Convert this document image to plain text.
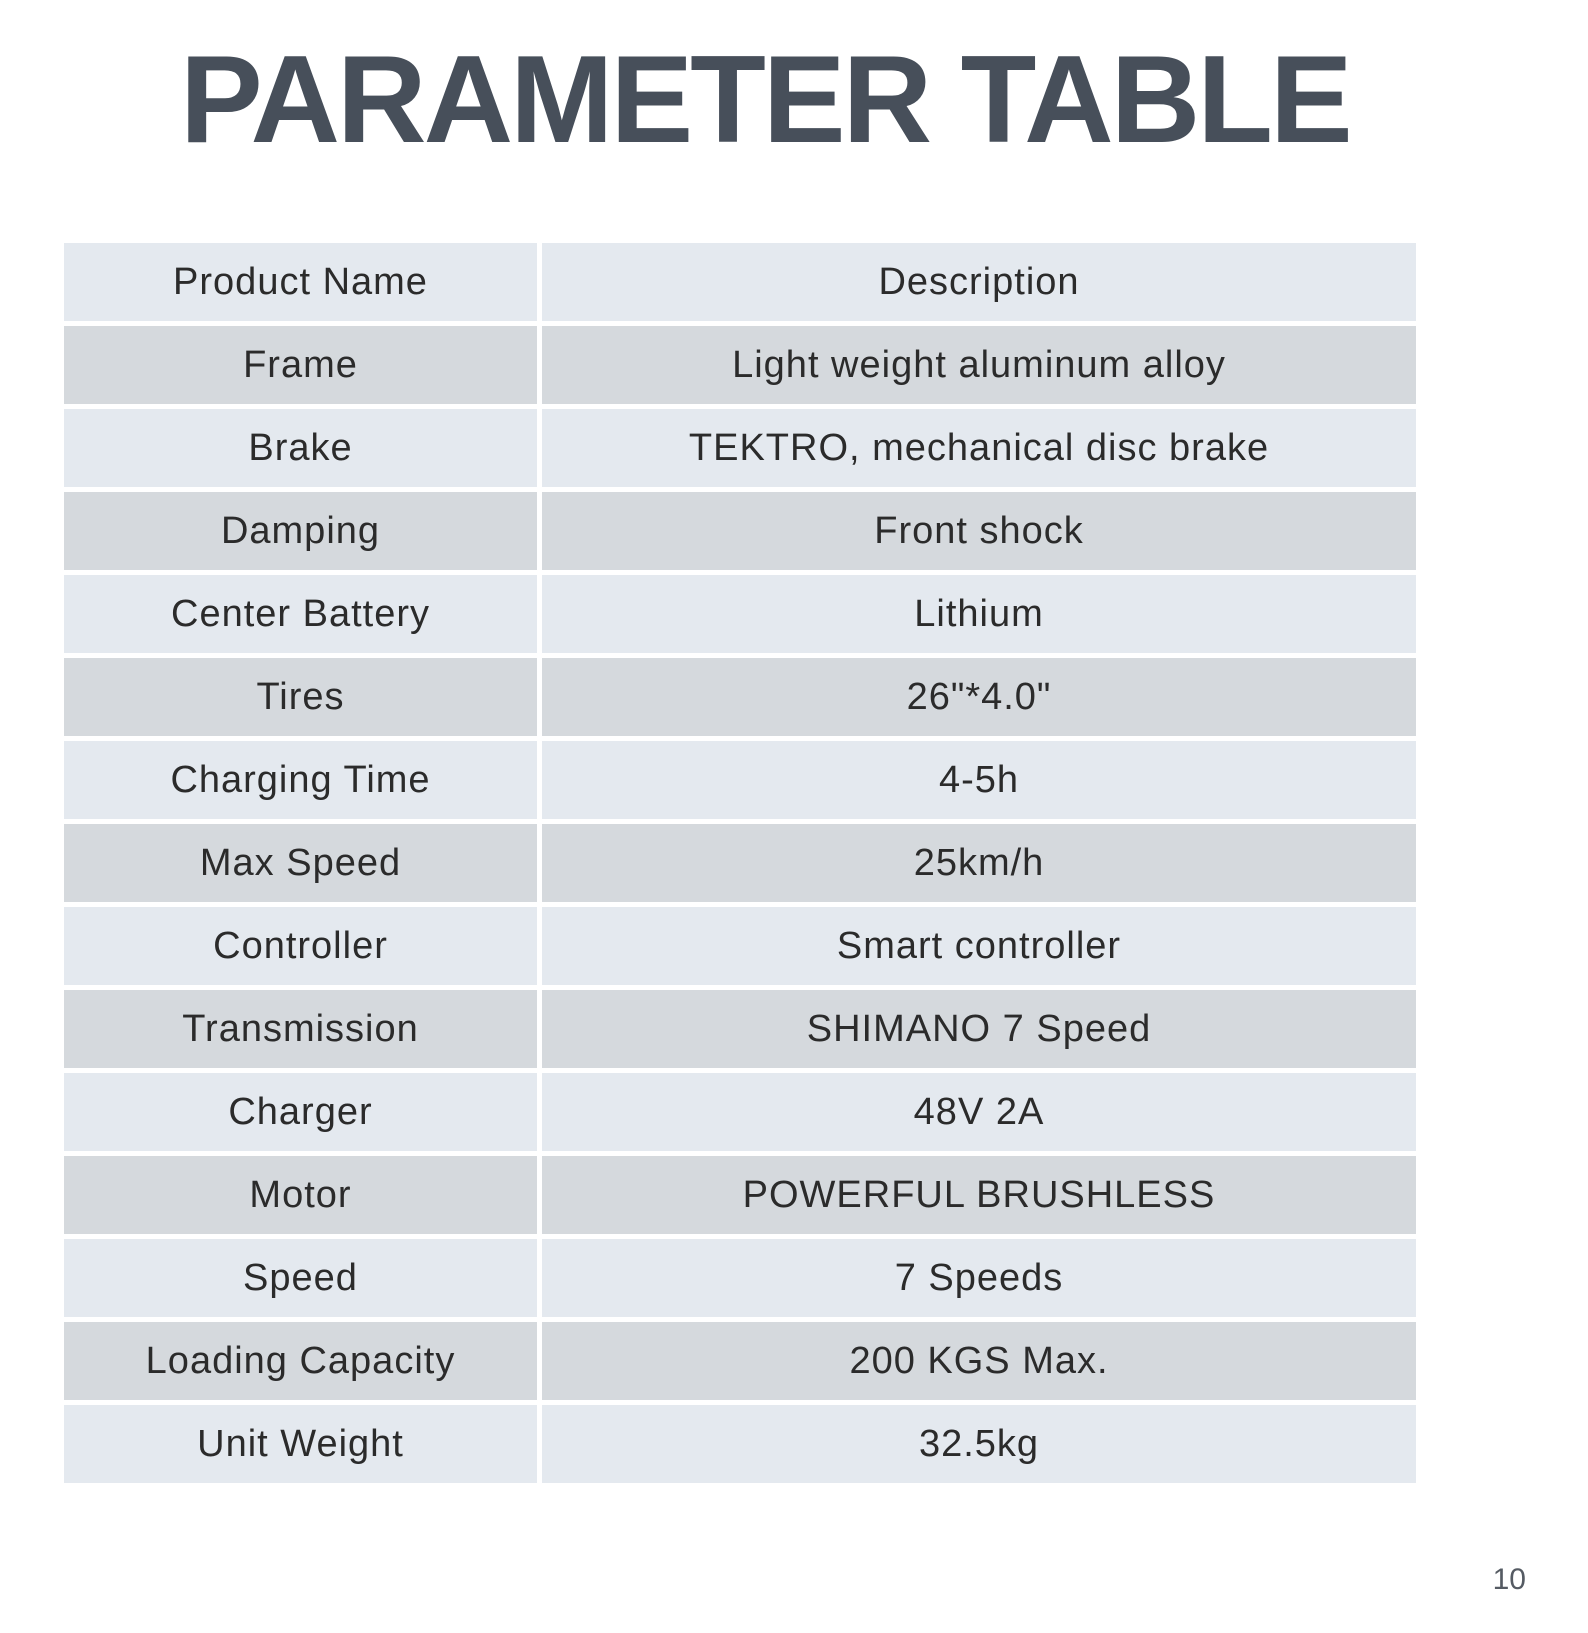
PARAMETER TABLE
Product Name	Description
Frame	Light weight aluminum alloy
Brake	TEKTRO, mechanical disc brake
Damping	Front shock
Center Battery	Lithium
Tires	26"*4.0"
Charging Time	4-5h
Max Speed	25km/h
Controller	Smart controller
Transmission	SHIMANO 7 Speed
Charger	48V 2A
Motor	POWERFUL BRUSHLESS
Speed	7 Speeds
Loading Capacity	200 KGS Max.
Unit Weight	32.5kg
10
